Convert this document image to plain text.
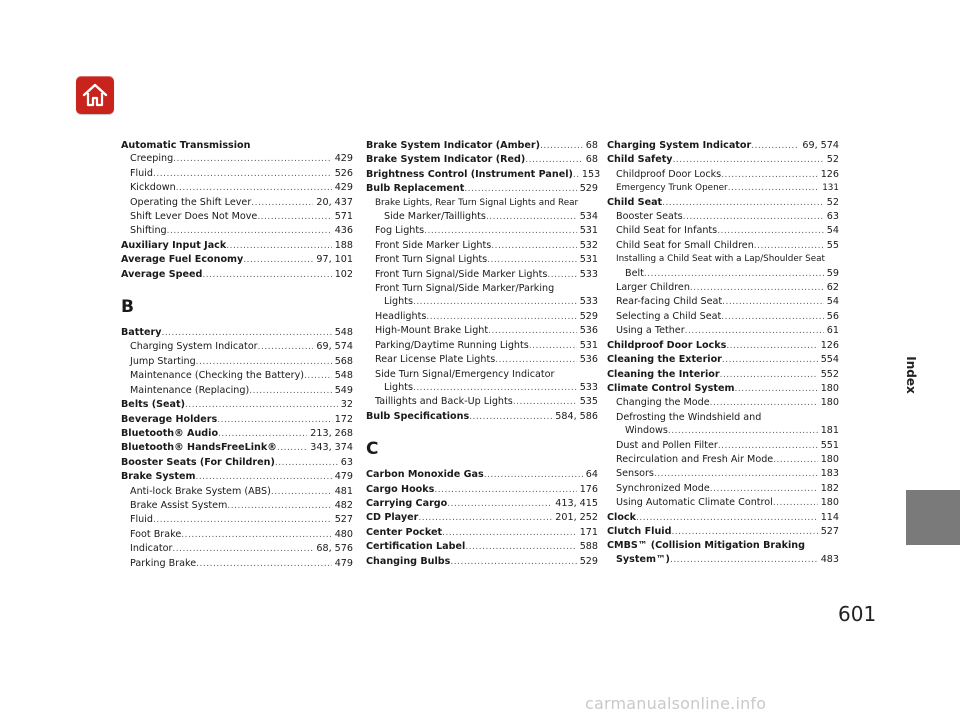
Automatic Transmission
Creeping .....	429
Fluid .....	526
Kickdown .....	429
Operating the Shift Lever .....	20, 437
Shift Lever Does Not Move .....	571
Shifting .....	436
Auxiliary Input Jack .....	188
Average Fuel Economy .....	97, 101
Average Speed .....	102
B
Battery .....	548
Charging System Indicator .....	69, 574
Jump Starting .....	568
Maintenance (Checking the Battery) .....	548
Maintenance (Replacing) .....	549
Belts (Seat) .....	32
Beverage Holders .....	172
Bluetooth® Audio .....	213, 268
Bluetooth® HandsFreeLink® .....	343, 374
Booster Seats (For Children) .....	63
Brake System .....	479
Anti-lock Brake System (ABS) .....	481
Brake Assist System .....	482
Fluid .....	527
Foot Brake .....	480
Indicator .....	68, 576
Parking Brake .....	479
Brake System Indicator (Amber) .....	68
Brake System Indicator (Red) .....	68
Brightness Control (Instrument Panel) ..... 153
Bulb Replacement .....	529
Brake Lights, Rear Turn Signal Lights and Rear
Side Marker/Taillights .....	534
Fog Lights .....	531
Front Side Marker Lights .....	532
Front Turn Signal Lights .....	531
Front Turn Signal/Side Marker Lights .....	533
Front Turn Signal/Side Marker/Parking
Lights .....	533
Headlights .....	529
High-Mount Brake Light .....	536
Parking/Daytime Running Lights .....	531
Rear License Plate Lights .....	536
Side Turn Signal/Emergency Indicator
Lights .....	533
Taillights and Back-Up Lights .....	535
Bulb Specifications .....	584, 586
C
Carbon Monoxide Gas .....	64
Cargo Hooks .....	176
Carrying Cargo .....	413, 415
CD Player .....	201, 252
Center Pocket .....	171
Certification Label .....	588
Changing Bulbs .....	529
Charging System Indicator .....	69, 574
Child Safety .....	52
Childproof Door Locks .....	126
Emergency Trunk Opener .....	131
Child Seat .....	52
Booster Seats .....	63
Child Seat for Infants .....	54
Child Seat for Small Children .....	55
Installing a Child Seat with a Lap/Shoulder Seat
Belt .....	59
Larger Children .....	62
Rear-facing Child Seat .....	54
Selecting a Child Seat .....	56
Using a Tether .....	61
Childproof Door Locks .....	126
Cleaning the Exterior .....	554
Cleaning the Interior .....	552
Climate Control System .....	180
Changing the Mode .....	180
Defrosting the Windshield and
Windows .....	181
Dust and Pollen Filter .....	551
Recirculation and Fresh Air Mode .....	180
Sensors .....	183
Synchronized Mode .....	182
Using Automatic Climate Control .....	180
Clock .....	114
Clutch Fluid .....	527
CMBS™ (Collision Mitigation Braking
System™) .....	483
Index
601
carmanualsonline.info
